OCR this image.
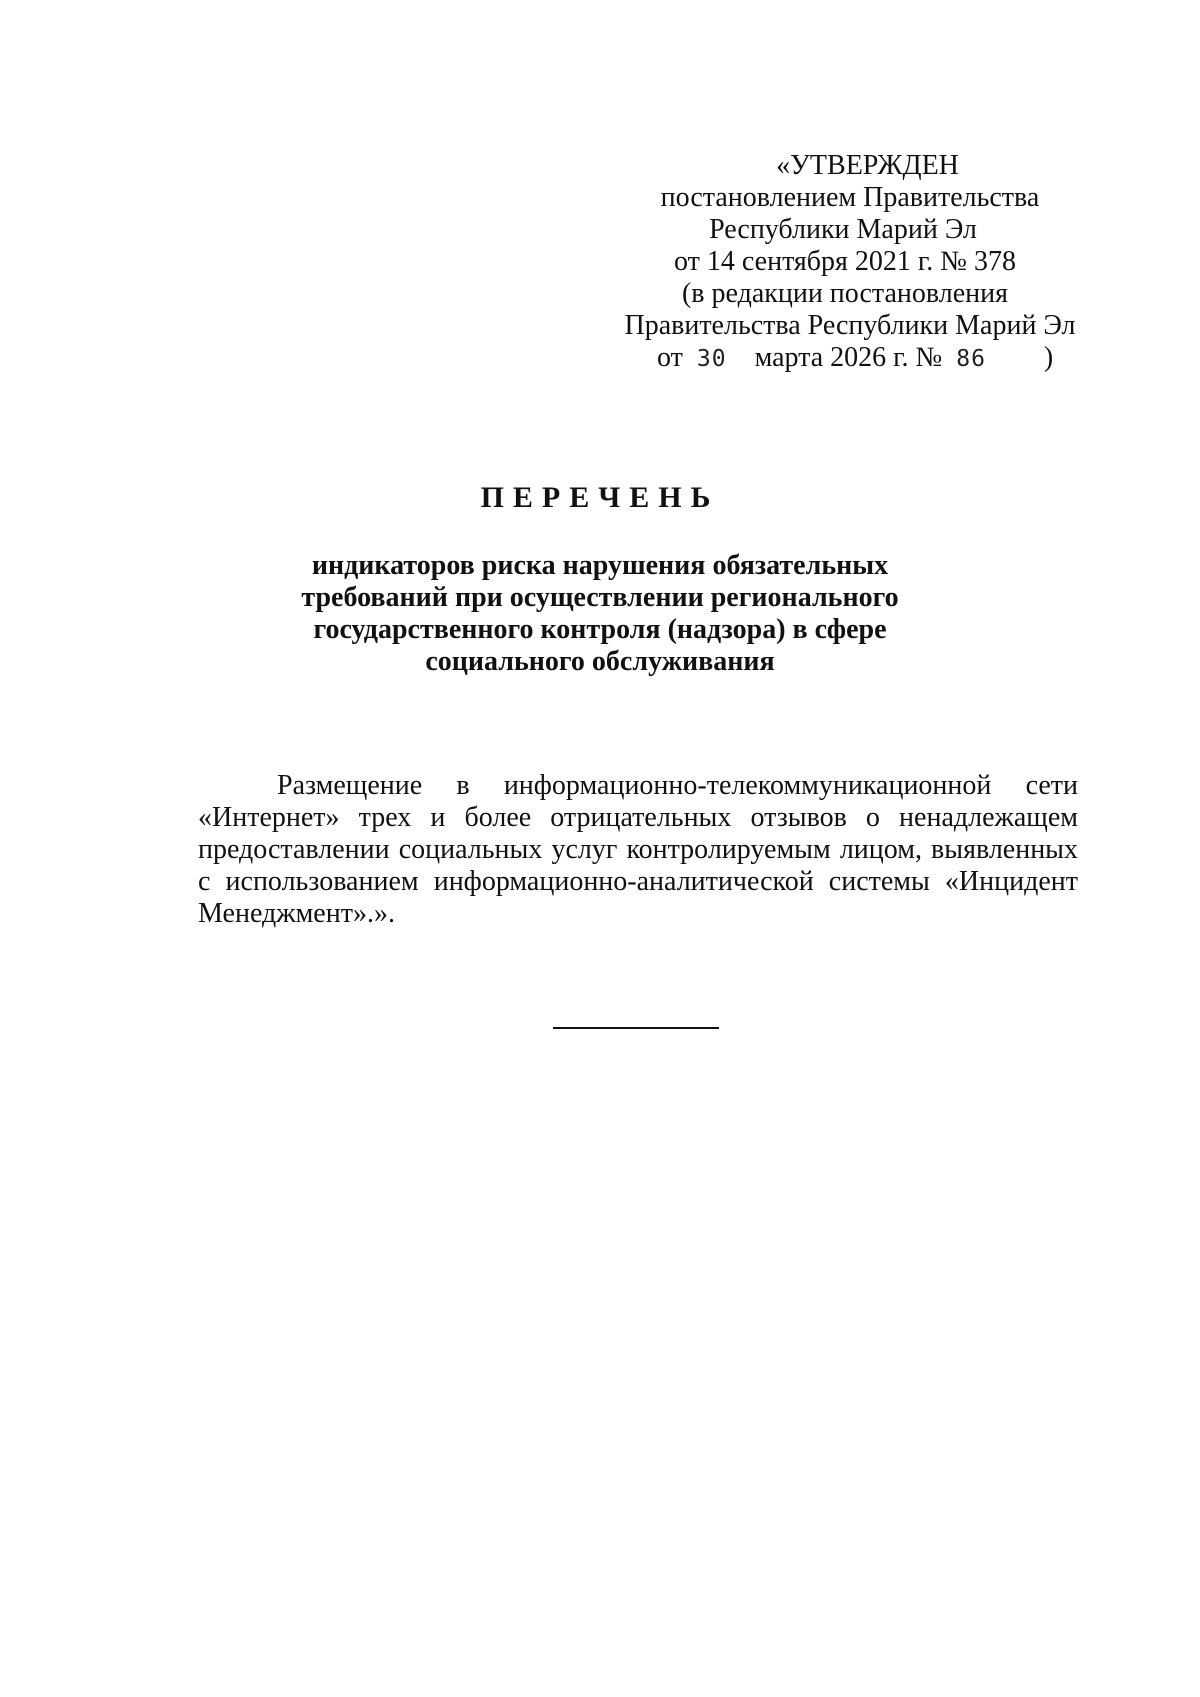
«УТВЕРЖДЕН
постановлением Правительства
Республики Марий Эл
от 14 сентября 2021 г. № 378
(в редакции постановления
Правительства Республики Марий Эл
от 30 марта 2026 г. № 86 )
ПЕРЕЧЕНЬ
индикаторов риска нарушения обязательных
требований при осуществлении регионального
государственного контроля (надзора) в сфере
социального обслуживания
Размещение в информационно-телекоммуникационной сети
«Интернет» трех и более отрицательных отзывов о ненадлежащем
предоставлении социальных услуг контролируемым лицом, выявленных
с использованием информационно-аналитической системы «Инцидент
Менеджмент».».
